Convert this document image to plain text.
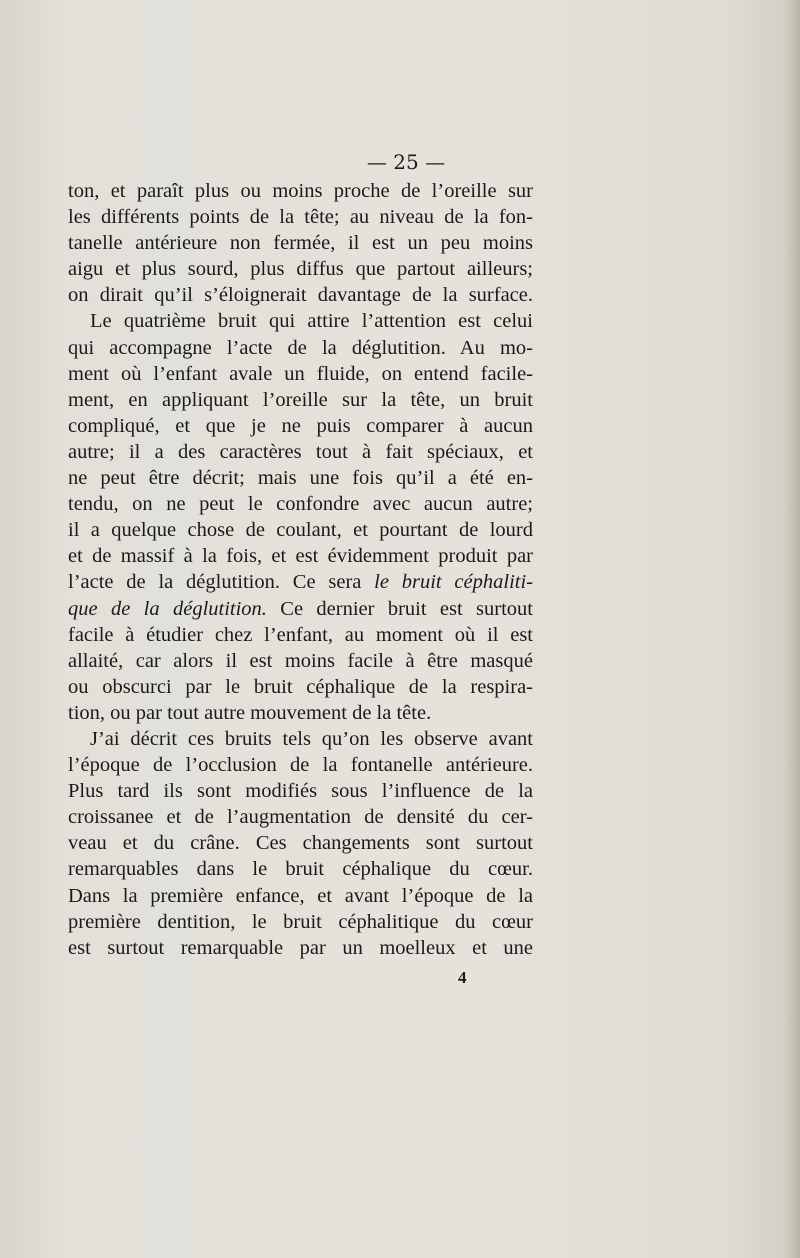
— 25 —
ton, et paraît plus ou moins proche de l’oreille sur
les différents points de la tête; au niveau de la fon-
tanelle antérieure non fermée, il est un peu moins
aigu et plus sourd, plus diffus que partout ailleurs;
on dirait qu’il s’éloignerait davantage de la surface.
Le quatrième bruit qui attire l’attention est celui
qui accompagne l’acte de la déglutition. Au mo-
ment où l’enfant avale un fluide, on entend facile-
ment, en appliquant l’oreille sur la tête, un bruit
compliqué, et que je ne puis comparer à aucun
autre; il a des caractères tout à fait spéciaux, et
ne peut être décrit; mais une fois qu’il a été en-
tendu, on ne peut le confondre avec aucun autre;
il a quelque chose de coulant, et pourtant de lourd
et de massif à la fois, et est évidemment produit par
l’acte de la déglutition. Ce sera le bruit céphaliti-
que de la déglutition. Ce dernier bruit est surtout
facile à étudier chez l’enfant, au moment où il est
allaité, car alors il est moins facile à être masqué
ou obscurci par le bruit céphalique de la respira-
tion, ou par tout autre mouvement de la tête.
J’ai décrit ces bruits tels qu’on les observe avant
l’époque de l’occlusion de la fontanelle antérieure.
Plus tard ils sont modifiés sous l’influence de la
croissanee et de l’augmentation de densité du cer-
veau et du crâne. Ces changements sont surtout
remarquables dans le bruit céphalique du cœur.
Dans la première enfance, et avant l’époque de la
première dentition, le bruit céphalitique du cœur
est surtout remarquable par un moelleux et une
4
